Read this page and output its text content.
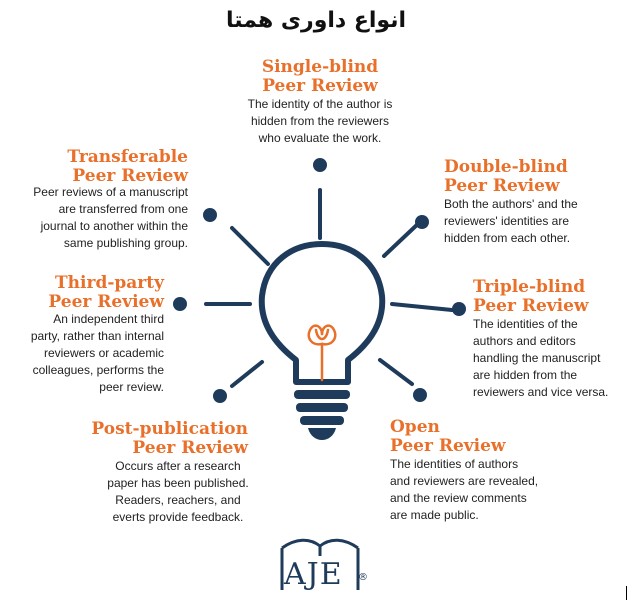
انواع داوری همتا
Single-blind
Peer Review
The identity of the author is
hidden from the reviewers
who evaluate the work.
Double-blind
Peer Review
Both the authors' and the
reviewers' identities are
hidden from each other.
Triple-blind
Peer Review
The identities of the
authors and editors
handling the manuscript
are hidden from the
reviewers and vice versa.
Open
Peer Review
The identities of authors
and reviewers are revealed,
and the review comments
are made public.
Post-publication
Peer Review
Occurs after a research
paper has been published.
Readers, reachers, and
everts provide feedback.
Third-party
Peer Review
An independent third
party, rather than internal
reviewers or academic
colleagues, performs the
peer review.
Transferable
Peer Review
Peer reviews of a manuscript
are transferred from one
journal to another within the
same publishing group.
AJE ®
